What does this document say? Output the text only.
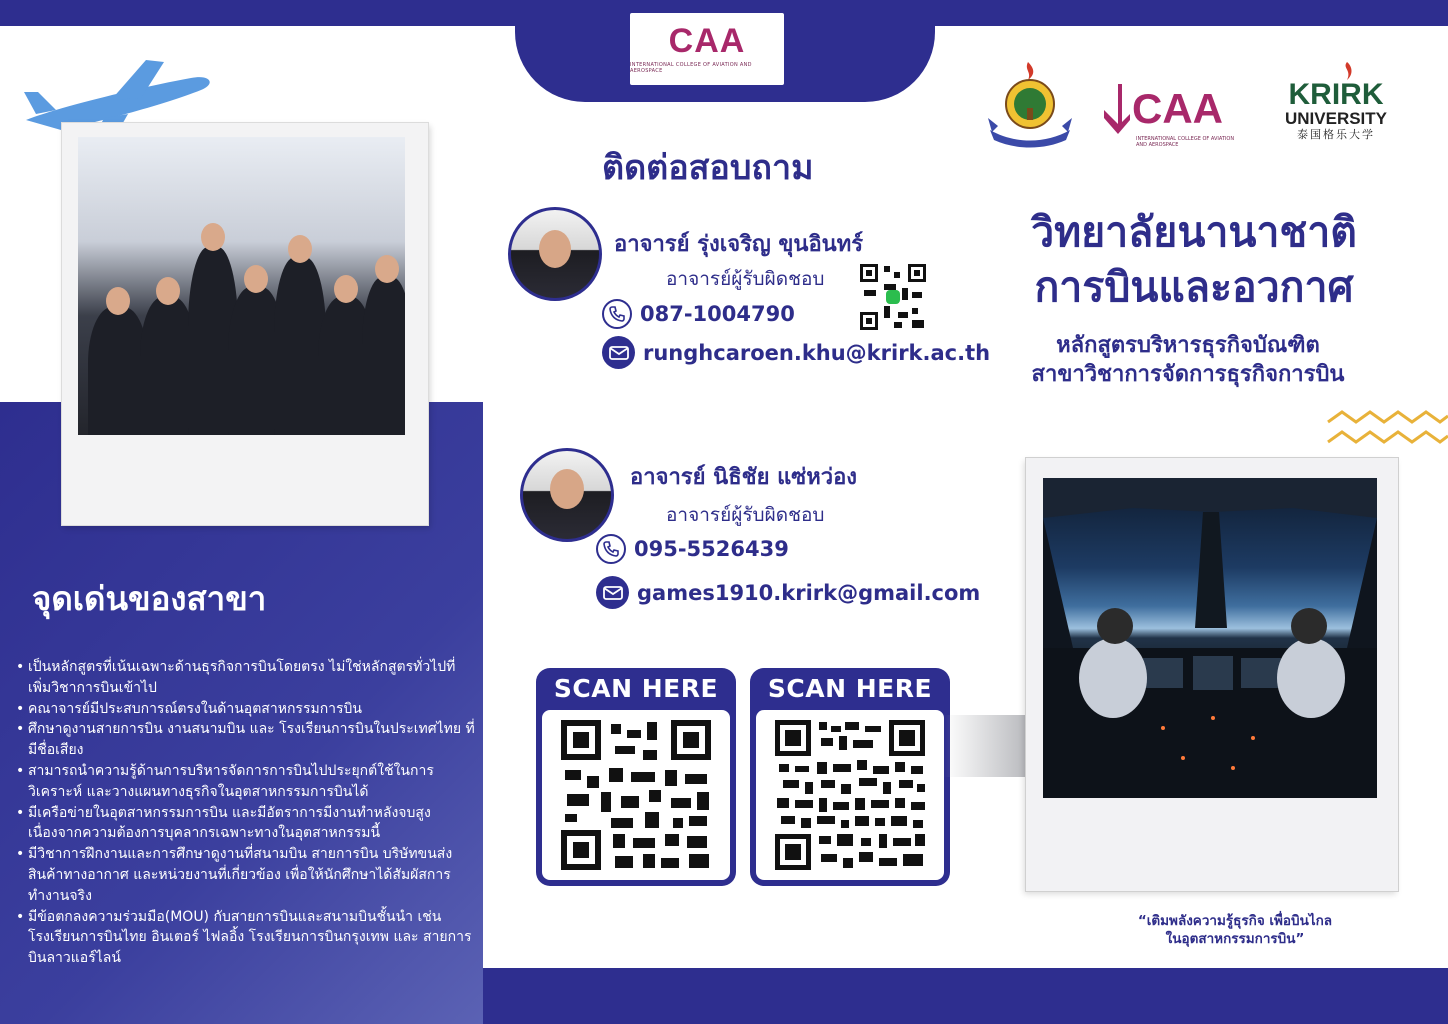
CAA
INTERNATIONAL COLLEGE OF AVIATION AND AEROSPACE
จุดเด่นของสาขา
• เป็นหลักสูตรที่เน้นเฉพาะด้านธุรกิจการบินโดยตรง ไม่ใช่หลักสูตรทั่วไปที่เพิ่มวิชาการบินเข้าไป
• คณาจารย์มีประสบการณ์ตรงในด้านอุตสาหกรรมการบิน
• ศึกษาดูงานสายการบิน งานสนามบิน และ โรงเรียนการบินในประเทศไทย ที่มีชื่อเสียง
• สามารถนำความรู้ด้านการบริหารจัดการการบินไปประยุกต์ใช้ในการวิเคราะห์ และวางแผนทางธุรกิจในอุตสาหกรรมการบินได้
• มีเครือข่ายในอุตสาหกรรมการบิน และมีอัตราการมีงานทำหลังจบสูง เนื่องจากความต้องการบุคลากรเฉพาะทางในอุตสาหกรรมนี้
• มีวิชาการฝึกงานและการศึกษาดูงานที่สนามบิน สายการบิน บริษัทขนส่งสินค้าทางอากาศ และหน่วยงานที่เกี่ยวข้อง เพื่อให้นักศึกษาได้สัมผัสการทำงานจริง
• มีข้อตกลงความร่วมมือ(MOU) กับสายการบินและสนามบินชั้นนำ เช่นโรงเรียนการบินไทย อินเตอร์ ไฟลอิ้ง โรงเรียนการบินกรุงเทพ และ สายการบินลาวแอร์ไลน์
ติดต่อสอบถาม
อาจารย์ รุ่งเจริญ ขุนอินทร์
อาจารย์ผู้รับผิดชอบ
087-1004790
runghcaroen.khu@krirk.ac.th
อาจารย์ นิธิชัย แซ่หว่อง
อาจารย์ผู้รับผิดชอบ
095-5526439
games1910.krirk@gmail.com
SCAN HERE	SCAN HERE
CAA
INTERNATIONAL COLLEGE OF AVIATION AND AEROSPACE
KRIRK
UNIVERSITY
泰国格乐大学
วิทยาลัยนานาชาติ
การบินและอวกาศ
หลักสูตรบริหารธุรกิจบัณฑิต
สาขาวิชาการจัดการธุรกิจการบิน
“เติมพลังความรู้ธุรกิจ เพื่อบินไกล
ในอุตสาหกรรมการบิน”
